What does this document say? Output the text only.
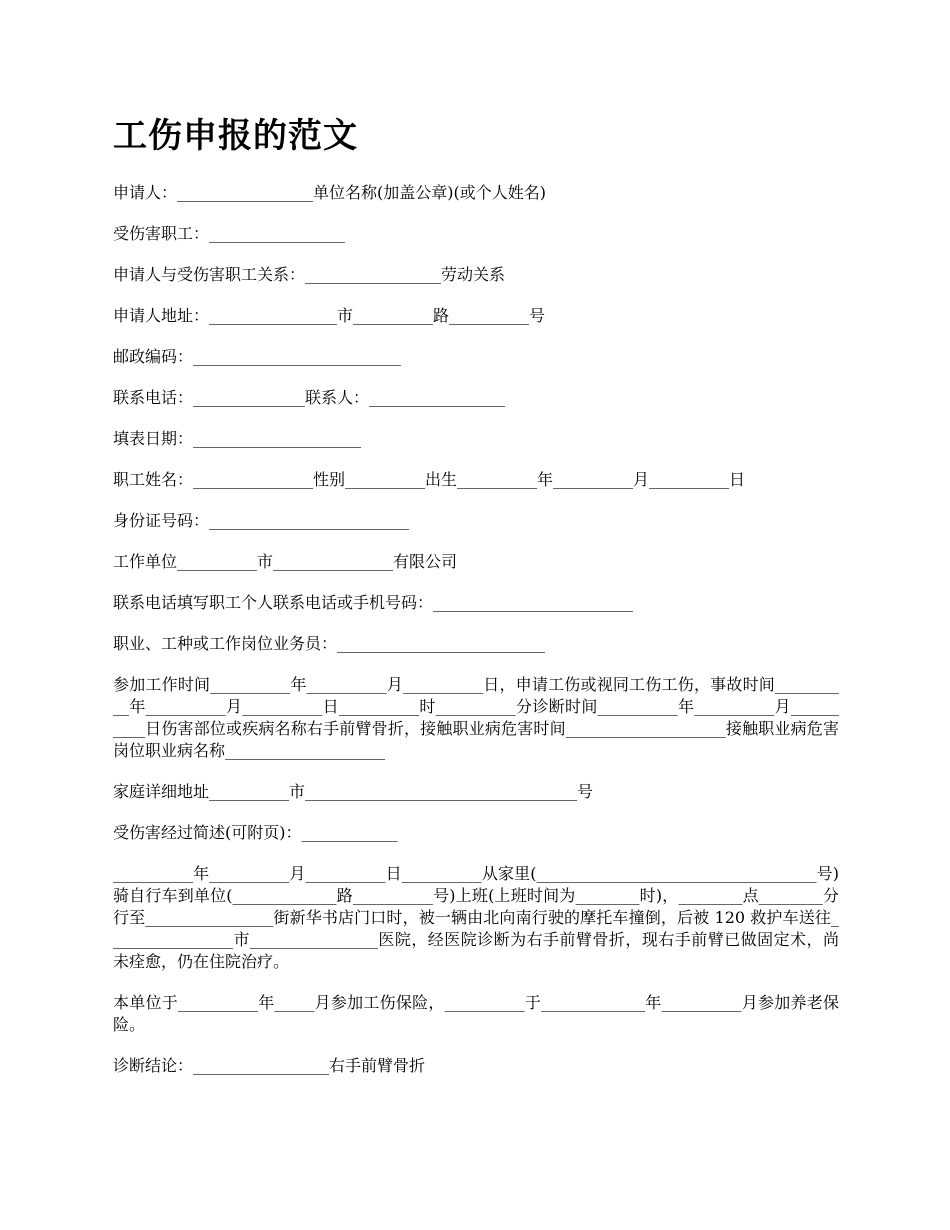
工伤申报的范文

申请人：_________________单位名称(加盖公章)(或个人姓名)

受伤害职工：_________________

申请人与受伤害职工关系：_________________劳动关系

申请人地址：________________市__________路__________号

邮政编码：__________________________

联系电话：______________联系人：_________________

填表日期：_____________________

职工姓名：_______________性别__________出生__________年__________月__________日

身份证号码：_________________________

工作单位__________市_______________有限公司

联系电话填写职工个人联系电话或手机号码：_________________________

职业、工种或工作岗位业务员：__________________________

参加工作时间__________年__________月__________日，申请工伤或视同工伤工伤，事故时间__________年__________月__________日__________时__________分诊断时间__________年__________月__________日伤害部位或疾病名称右手前臂骨折，接触职业病危害时间____________________接触职业病危害岗位职业病名称____________________

家庭详细地址__________市__________________________________号

受伤害经过简述(可附页)：____________

__________年__________月__________日__________从家里(___________________________________号)骑自行车到单位(_____________路__________号)上班(上班时间为________时)，________点________分行至________________街新华书店门口时，被一辆由北向南行驶的摩托车撞倒，后被 120 救护车送往________________市________________医院，经医院诊断为右手前臂骨折，现右手前臂已做固定术，尚未痊愈，仍在住院治疗。

本单位于__________年_____月参加工伤保险，__________于_____________年__________月参加养老保险。

诊断结论：_________________右手前臂骨折
